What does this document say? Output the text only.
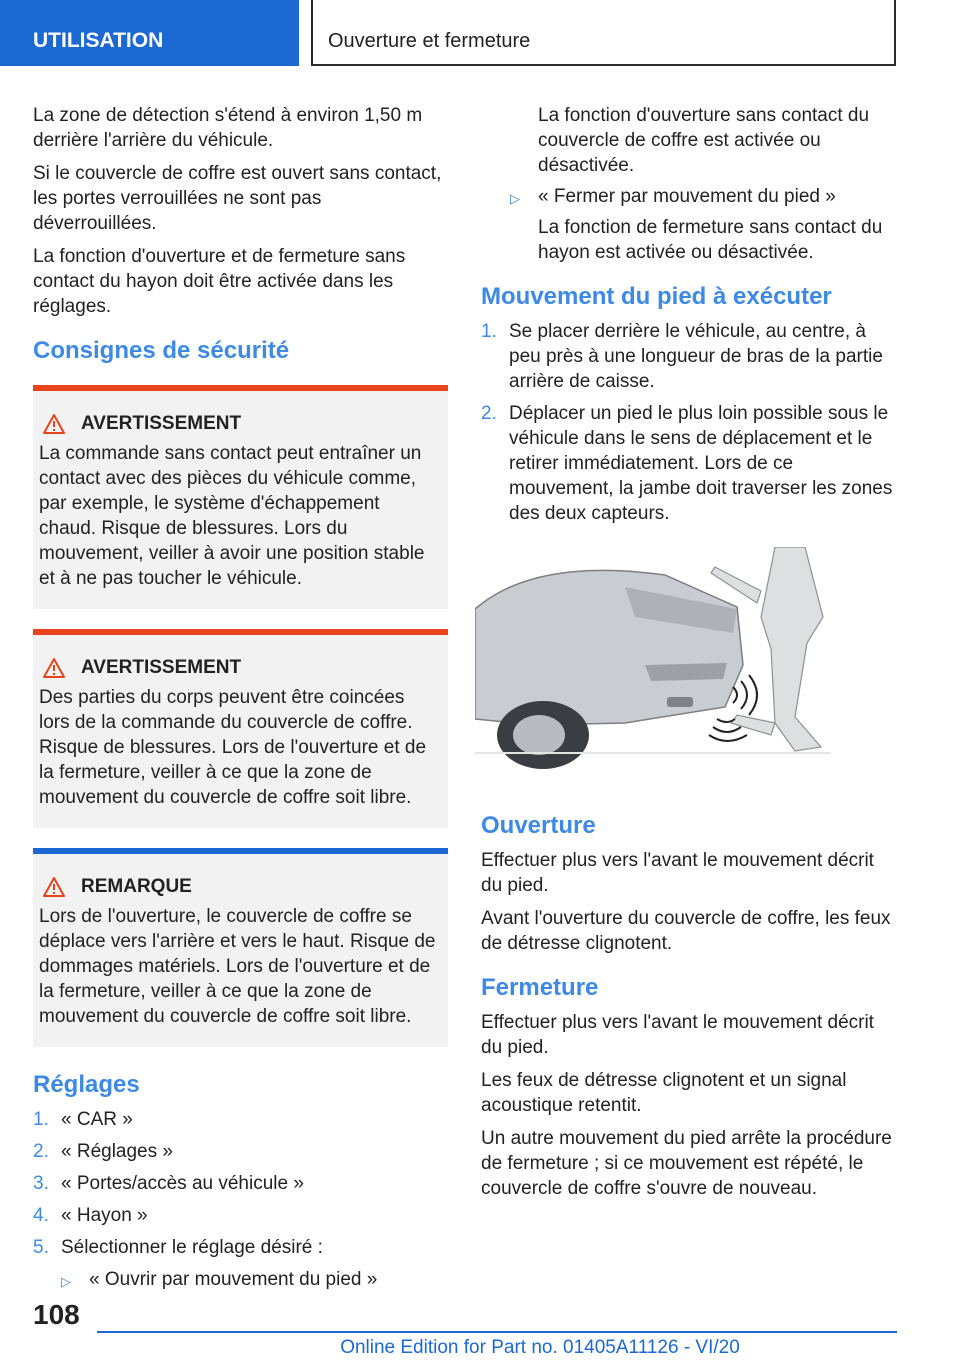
UTILISATION	Ouverture et fermeture

La zone de détection s'étend à environ 1,50 m derrière l'arrière du véhicule.

Si le couvercle de coffre est ouvert sans contact, les portes verrouillées ne sont pas déverrouillées.

La fonction d'ouverture et de fermeture sans contact du hayon doit être activée dans les réglages.

Consignes de sécurité
AVERTISSEMENT

La commande sans contact peut entraîner un contact avec des pièces du véhicule comme, par exemple, le système d'échappement chaud. Risque de blessures. Lors du mouvement, veiller à avoir une position stable et à ne pas toucher le véhicule.

AVERTISSEMENT

Des parties du corps peuvent être coincées lors de la commande du couvercle de coffre. Risque de blessures. Lors de l'ouverture et de la fermeture, veiller à ce que la zone de mouvement du couvercle de coffre soit libre.

REMARQUE

Lors de l'ouverture, le couvercle de coffre se déplace vers l'arrière et vers le haut. Risque de dommages matériels. Lors de l'ouverture et de la fermeture, veiller à ce que la zone de mouvement du couvercle de coffre soit libre.

Réglages
1. « CAR »
2. « Réglages »
3. « Portes/accès au véhicule »
4. « Hayon »
5. Sélectionner le réglage désiré :
▷ « Ouvrir par mouvement du pied »

La fonction d'ouverture sans contact du couvercle de coffre est activée ou désactivée.

▷ « Fermer par mouvement du pied »

La fonction de fermeture sans contact du hayon est activée ou désactivée.

Mouvement du pied à exécuter
1. Se placer derrière le véhicule, au centre, à peu près à une longueur de bras de la partie arrière de caisse.
2. Déplacer un pied le plus loin possible sous le véhicule dans le sens de déplacement et le retirer immédiatement. Lors de ce mouvement, la jambe doit traverser les zones des deux capteurs.
Ouverture

Effectuer plus vers l'avant le mouvement décrit du pied.

Avant l'ouverture du couvercle de coffre, les feux de détresse clignotent.

Fermeture

Effectuer plus vers l'avant le mouvement décrit du pied.

Les feux de détresse clignotent et un signal acoustique retentit.

Un autre mouvement du pied arrête la procédure de fermeture ; si ce mouvement est répété, le couvercle de coffre s'ouvre de nouveau.

108
Online Edition for Part no. 01405A11126 - VI/20
